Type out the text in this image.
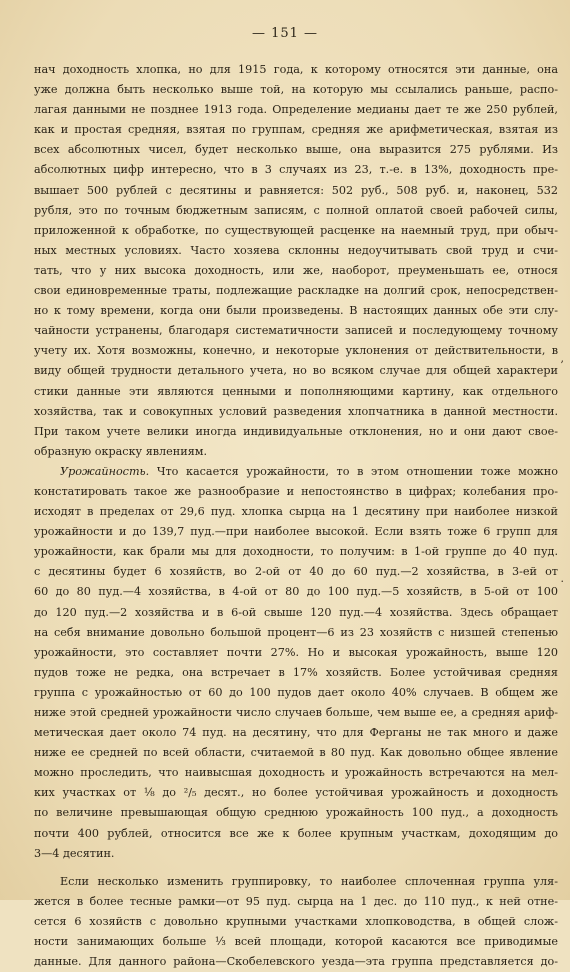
— 151 —
нач доходность хлопка, но для 1915 года, к которому относятся эти данные, она
уже должна быть несколько выше той, на которую мы ссылались раньше, распо-
лагая данными не позднее 1913 года. Определение медианы дает те же 250 рублей,
как и простая средняя, взятая по группам, средняя же арифметическая, взятая из
всех абсолютных чисел, будет несколько выше, она выразится 275 рублями. Из
абсолютных цифр интересно, что в 3 случаях из 23, т.-е. в 13%, доходность пре-
вышает 500 рублей с десятины и равняется: 502 руб., 508 руб. и, наконец, 532
рубля, это по точным бюджетным записям, с полной оплатой своей рабочей силы,
приложенной к обработке, по существующей расценке на наемный труд, при обыч-
ных местных условиях. Часто хозяева склонны недоучитывать свой труд и счи-
тать, что у них высока доходность, или же, наоборот, преуменьшать ее, относя
свои единовременные траты, подлежащие раскладке на долгий срок, непосредствен-
но к тому времени, когда они были произведены. В настоящих данных обе эти слу-
чайности устранены, благодаря систематичности записей и последующему точному
учету их. Хотя возможны, конечно, и некоторые уклонения от действительности, в
виду общей трудности детального учета, но во всяком случае для общей характери
стики данные эти являются ценными и пополняющими картину, как отдельного
хозяйства, так и совокупных условий разведения хлопчатника в данной местности.
При таком учете велики иногда индивидуальные отклонения, но и они дают свое-
образную окраску явлениям.
Урожайность. Что касается урожайности, то в этом отношении тоже можно
констатировать такое же разнообразие и непостоянство в цифрах; колебания про-
исходят в пределах от 29,6 пуд. хлопка сырца на 1 десятину при наиболее низкой
урожайности и до 139,7 пуд.—при наиболее высокой. Если взять тоже 6 групп для
урожайности, как брали мы для доходности, то получим: в 1-ой группе до 40 пуд.
с десятины будет 6 хозяйств, во 2-ой от 40 до 60 пуд.—2 хозяйства, в 3-ей от
60 до 80 пуд.—4 хозяйства, в 4-ой от 80 до 100 пуд.—5 хозяйств, в 5-ой от 100
до 120 пуд.—2 хозяйства и в 6-ой свыше 120 пуд.—4 хозяйства. Здесь обращает
на себя внимание довольно большой процент—6 из 23 хозяйств с низшей степенью
урожайности, это составляет почти 27%. Но и высокая урожайность, выше 120
пудов тоже не редка, она встречает в 17% хозяйств. Более устойчивая средняя
группа с урожайностью от 60 до 100 пудов дает около 40% случаев. В общем же
ниже этой средней урожайности число случаев больше, чем выше ее, а средняя ариф-
метическая дает около 74 пуд. на десятину, что для Ферганы не так много и даже
ниже ее средней по всей области, считаемой в 80 пуд. Как довольно общее явление
можно проследить, что наивысшая доходность и урожайность встречаются на мел-
ких участках от ⅛ до ²/₅ десят., но более устойчивая урожайность и доходность
по величине превышающая общую среднюю урожайность 100 пуд., а доходность
почти 400 рублей, относится все же к более крупным участкам, доходящим до
3—4 десятин.
Если несколько изменить группировку, то наиболее сплоченная группа уля-
жется в более тесные рамки—от 95 пуд. сырца на 1 дес. до 110 пуд., к ней отне-
сется 6 хозяйств с довольно крупными участками хлопководства, в общей слож-
ности занимающих больше ⅓ всей площади, которой касаются все приводимые
данные. Для данного района—Скобелевского уезда—эта группа представляется до-
,
·
